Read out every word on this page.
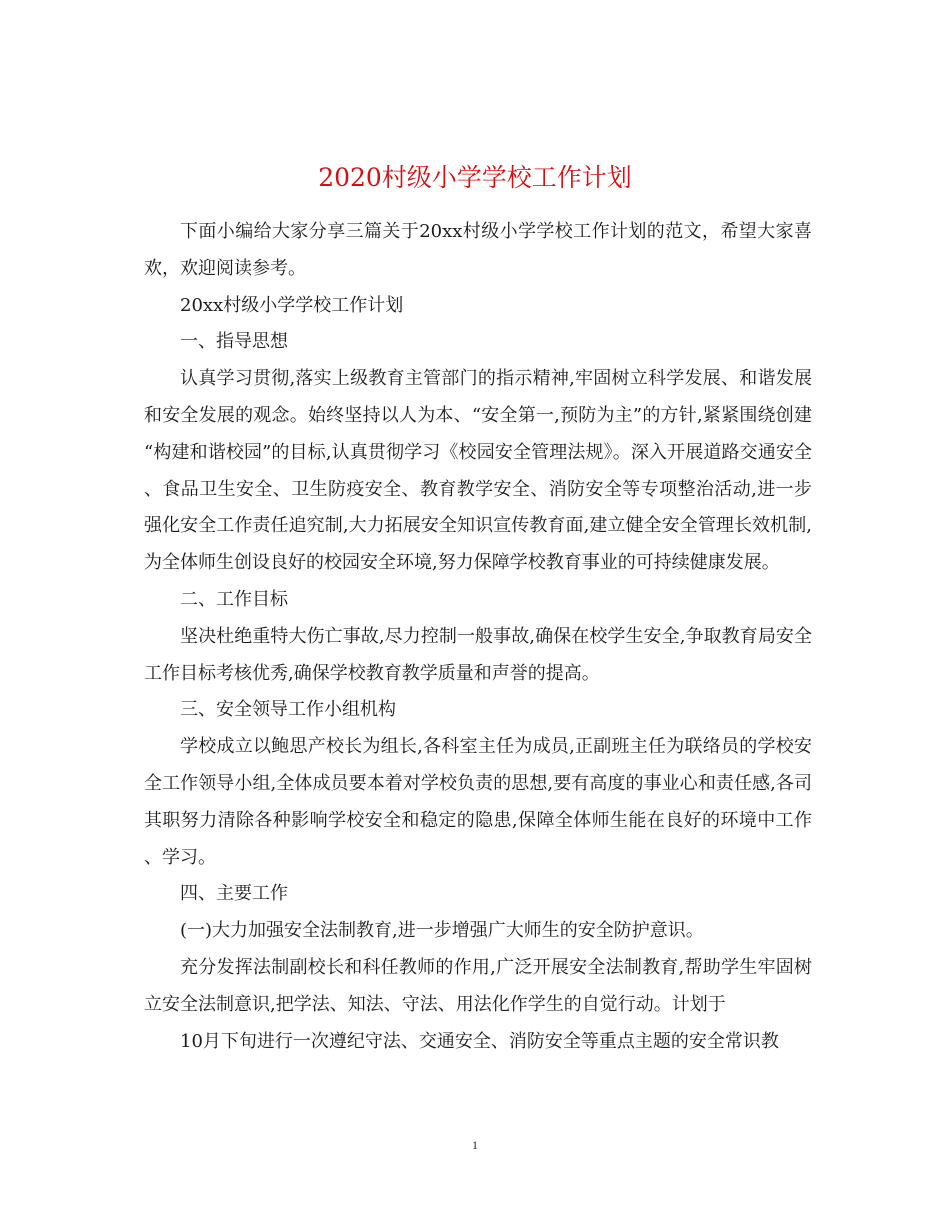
2020村级小学学校工作计划

下面小编给大家分享三篇关于20xx村级小学学校工作计划的范文，希望大家喜欢，欢迎阅读参考。

20xx村级小学学校工作计划

一、指导思想

认真学习贯彻,落实上级教育主管部门的指示精神,牢固树立科学发展、和谐发展和安全发展的观念。始终坚持以人为本、“安全第一,预防为主”的方针,紧紧围绕创建“构建和谐校园”的目标,认真贯彻学习《校园安全管理法规》。深入开展道路交通安全、食品卫生安全、卫生防疫安全、教育教学安全、消防安全等专项整治活动,进一步强化安全工作责任追究制,大力拓展安全知识宣传教育面,建立健全安全管理长效机制,为全体师生创设良好的校园安全环境,努力保障学校教育事业的可持续健康发展。

二、工作目标

坚决杜绝重特大伤亡事故,尽力控制一般事故,确保在校学生安全,争取教育局安全工作目标考核优秀,确保学校教育教学质量和声誉的提高。

三、安全领导工作小组机构

学校成立以鲍思产校长为组长,各科室主任为成员,正副班主任为联络员的学校安全工作领导小组,全体成员要本着对学校负责的思想,要有高度的事业心和责任感,各司其职努力清除各种影响学校安全和稳定的隐患,保障全体师生能在良好的环境中工作、学习。

四、主要工作

(一)大力加强安全法制教育,进一步增强广大师生的安全防护意识。

充分发挥法制副校长和科任教师的作用,广泛开展安全法制教育,帮助学生牢固树立安全法制意识,把学法、知法、守法、用法化作学生的自觉行动。计划于

10月下旬进行一次遵纪守法、交通安全、消防安全等重点主题的安全常识教

1
